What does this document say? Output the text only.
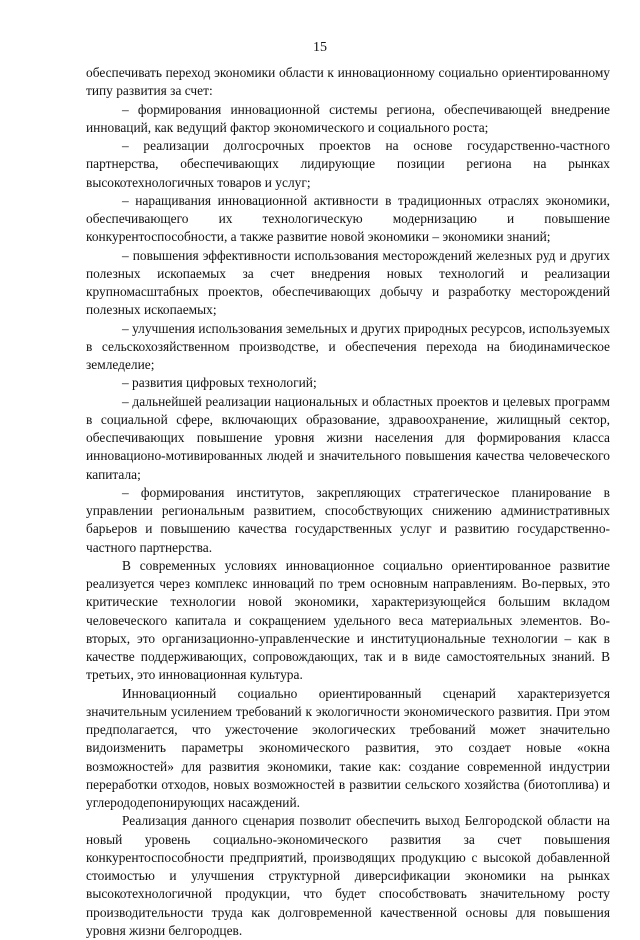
15

обеспечивать переход экономики области к инновационному социально ориентированному типу развития за счет:

– формирования инновационной системы региона, обеспечивающей внедрение инноваций, как ведущий фактор экономического и социального роста;

– реализации долгосрочных проектов на основе государственно-частного партнерства, обеспечивающих лидирующие позиции региона на рынках высокотехнологичных товаров и услуг;

– наращивания инновационной активности в традиционных отраслях экономики, обеспечивающего их технологическую модернизацию и повышение конкурентоспособности, а также развитие новой экономики – экономики знаний;

– повышения эффективности использования месторождений железных руд и других полезных ископаемых за счет внедрения новых технологий и реализации крупномасштабных проектов, обеспечивающих добычу и разработку месторождений полезных ископаемых;

– улучшения использования земельных и других природных ресурсов, используемых в сельскохозяйственном производстве, и обеспечения перехода на биодинамическое земледелие;

– развития цифровых технологий;

– дальнейшей реализации национальных и областных проектов и целевых программ в социальной сфере, включающих образование, здравоохранение, жилищный сектор, обеспечивающих повышение уровня жизни населения для формирования класса инновационо-мотивированных людей и значительного повышения качества человеческого капитала;

– формирования институтов, закрепляющих стратегическое планирование в управлении региональным развитием, способствующих снижению административных барьеров и повышению качества государственных услуг и развитию государственно-частного партнерства.

В современных условиях инновационное социально ориентированное развитие реализуется через комплекс инноваций по трем основным направлениям. Во-первых, это критические технологии новой экономики, характеризующейся большим вкладом человеческого капитала и сокращением удельного веса материальных элементов. Во-вторых, это организационно-управленческие и институциональные технологии – как в качестве поддерживающих, сопровождающих, так и в виде самостоятельных знаний. В третьих, это инновационная культура.

Инновационный социально ориентированный сценарий характеризуется значительным усилением требований к экологичности экономического развития. При этом предполагается, что ужесточение экологических требований может значительно видоизменить параметры экономического развития, это создает новые «окна возможностей» для развития экономики, такие как: создание современной индустрии переработки отходов, новых возможностей в развитии сельского хозяйства (биотоплива) и углерододепонирующих насаждений.

Реализация данного сценария позволит обеспечить выход Белгородской области на новый уровень социально-экономического развития за счет повышения конкурентоспособности предприятий, производящих продукцию с высокой добавленной стоимостью и улучшения структурной диверсификации экономики на рынках высокотехнологичной продукции, что будет способствовать значительному росту производительности труда как долговременной качественной основы для повышения уровня жизни белгородцев.
